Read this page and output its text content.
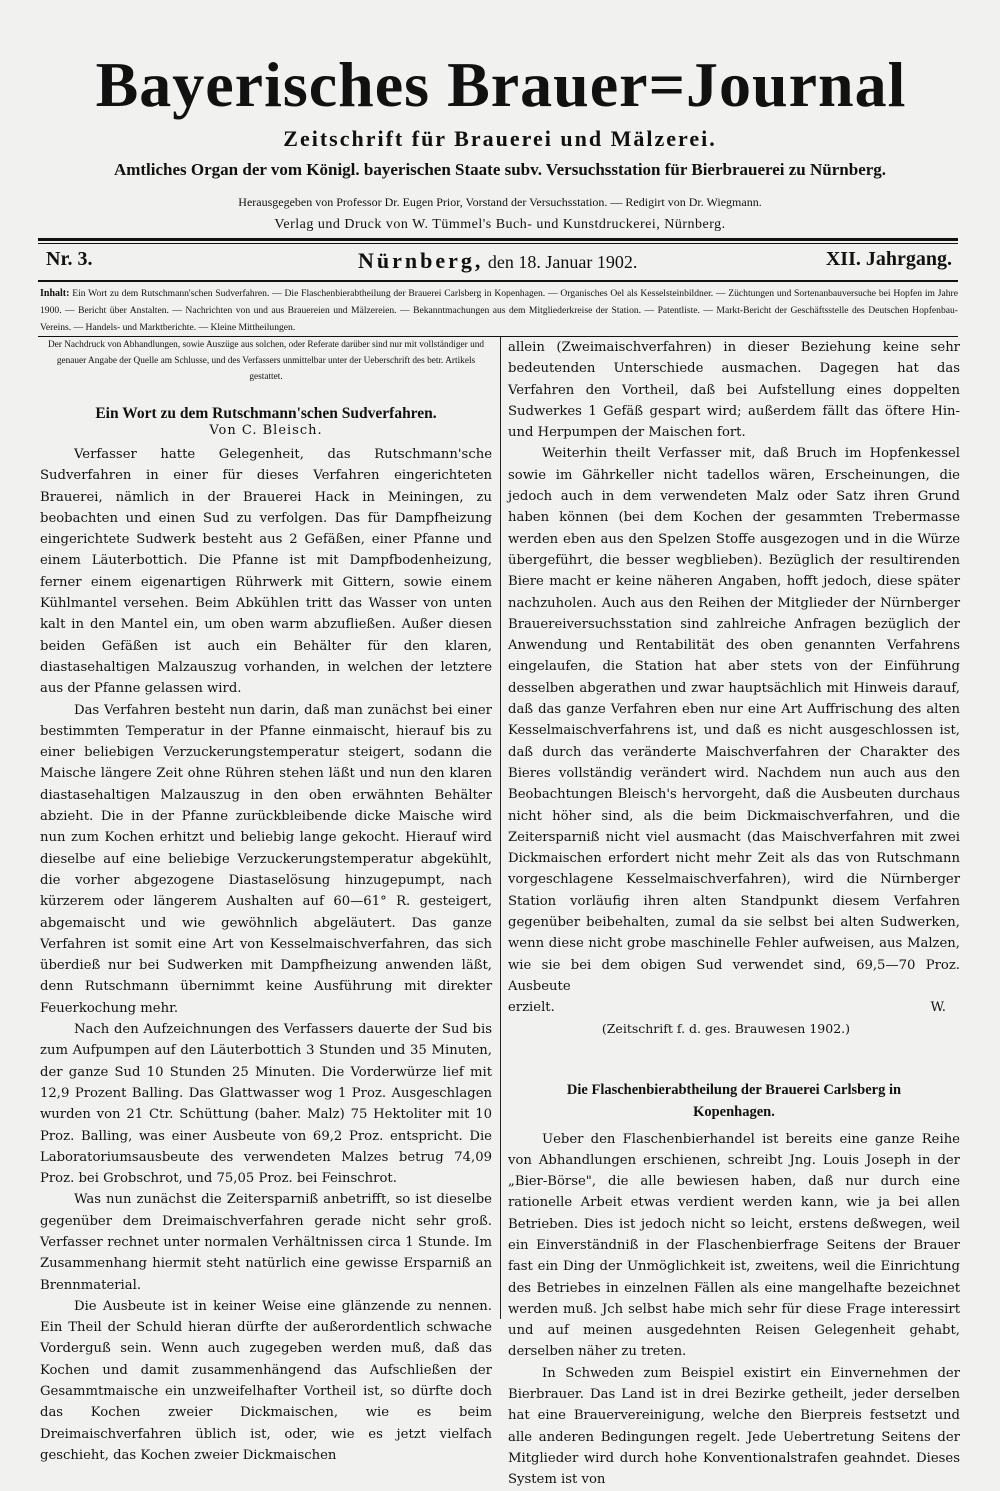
Bayerisches Brauer=Journal
Zeitschrift für Brauerei und Mälzerei.
Amtliches Organ der vom Königl. bayerischen Staate subv. Versuchsstation für Bierbrauerei zu Nürnberg.
Herausgegeben von Professor Dr. Eugen Prior, Vorstand der Versuchsstation. — Redigirt von Dr. Wiegmann.
Verlag und Druck von W. Tümmel's Buch- und Kunstdruckerei, Nürnberg.
Nr. 3.	Nürnberg, den 18. Januar 1902.	XII. Jahrgang.
Inhalt: Ein Wort zu dem Rutschmann'schen Sudverfahren. — Die Flaschenbierabtheilung der Brauerei Carlsberg in Kopenhagen. — Organisches Oel als Kesselsteinbildner. — Züchtungen und Sortenanbauversuche bei Hopfen im Jahre 1900. — Bericht über Anstalten. — Nachrichten von und aus Brauereien und Mälzereien. — Bekanntmachungen aus dem Mitgliederkreise der Station. — Patentliste. — Markt-Bericht der Geschäftsstelle des Deutschen Hopfenbau-Vereins. — Handels- und Marktberichte. — Kleine Mittheilungen.
Der Nachdruck von Abhandlungen, sowie Auszüge aus solchen, oder Referate darüber sind nur mit vollständiger und genauer Angabe der Quelle am Schlusse, und des Verfassers unmittelbar unter der Ueberschrift des betr. Artikels gestattet.
Ein Wort zu dem Rutschmann'schen Sudverfahren.
Von C. Bleisch.

Verfasser hatte Gelegenheit, das Rutschmann'sche Sudverfahren in einer für dieses Verfahren eingerichteten Brauerei, nämlich in der Brauerei Hack in Meiningen, zu beobachten und einen Sud zu verfolgen. Das für Dampfheizung eingerichtete Sudwerk besteht aus 2 Gefäßen, einer Pfanne und einem Läuterbottich. Die Pfanne ist mit Dampfbodenheizung, ferner einem eigenartigen Rührwerk mit Gittern, sowie einem Kühlmantel versehen. Beim Abkühlen tritt das Wasser von unten kalt in den Mantel ein, um oben warm abzufließen. Außer diesen beiden Gefäßen ist auch ein Behälter für den klaren, diastasehaltigen Malzauszug vorhanden, in welchen der letztere aus der Pfanne gelassen wird.

Das Verfahren besteht nun darin, daß man zunächst bei einer bestimmten Temperatur in der Pfanne einmaischt, hierauf bis zu einer beliebigen Verzuckerungstemperatur steigert, sodann die Maische längere Zeit ohne Rühren stehen läßt und nun den klaren diastasehaltigen Malzauszug in den oben erwähnten Behälter abzieht. Die in der Pfanne zurückbleibende dicke Maische wird nun zum Kochen erhitzt und beliebig lange gekocht. Hierauf wird dieselbe auf eine beliebige Verzuckerungstemperatur abgekühlt, die vorher abgezogene Diastaselösung hinzugepumpt, nach kürzerem oder längerem Aushalten auf 60—61° R. gesteigert, abgemaischt und wie gewöhnlich abgeläutert. Das ganze Verfahren ist somit eine Art von Kesselmaischverfahren, das sich überdieß nur bei Sudwerken mit Dampfheizung anwenden läßt, denn Rutschmann übernimmt keine Ausführung mit direkter Feuerkochung mehr.

Nach den Aufzeichnungen des Verfassers dauerte der Sud bis zum Aufpumpen auf den Läuterbottich 3 Stunden und 35 Minuten, der ganze Sud 10 Stunden 25 Minuten. Die Vorderwürze lief mit 12,9 Prozent Balling. Das Glattwasser wog 1 Proz. Ausgeschlagen wurden von 21 Ctr. Schüttung (baher. Malz) 75 Hektoliter mit 10 Proz. Balling, was einer Ausbeute von 69,2 Proz. entspricht. Die Laboratoriumsausbeute des verwendeten Malzes betrug 74,09 Proz. bei Grobschrot, und 75,05 Proz. bei Feinschrot.

Was nun zunächst die Zeitersparniß anbetrifft, so ist dieselbe gegenüber dem Dreimaischverfahren gerade nicht sehr groß. Verfasser rechnet unter normalen Verhältnissen circa 1 Stunde. Im Zusammenhang hiermit steht natürlich eine gewisse Ersparniß an Brennmaterial.

Die Ausbeute ist in keiner Weise eine glänzende zu nennen. Ein Theil der Schuld hieran dürfte der außerordentlich schwache Vorderguß sein. Wenn auch zugegeben werden muß, daß das Kochen und damit zusammenhängend das Aufschließen der Gesammtmaische ein unzweifelhafter Vortheil ist, so dürfte doch das Kochen zweier Dickmaischen, wie es beim Dreimaischverfahren üblich ist, oder, wie es jetzt vielfach geschieht, das Kochen zweier Dickmaischen

allein (Zweimaischverfahren) in dieser Beziehung keine sehr bedeutenden Unterschiede ausmachen. Dagegen hat das Verfahren den Vortheil, daß bei Aufstellung eines doppelten Sudwerkes 1 Gefäß gespart wird; außerdem fällt das öftere Hin- und Herpumpen der Maischen fort.

Weiterhin theilt Verfasser mit, daß Bruch im Hopfenkessel sowie im Gährkeller nicht tadellos wären, Erscheinungen, die jedoch auch in dem verwendeten Malz oder Satz ihren Grund haben können (bei dem Kochen der gesammten Trebermasse werden eben aus den Spelzen Stoffe ausgezogen und in die Würze übergeführt, die besser wegblieben). Bezüglich der resultirenden Biere macht er keine näheren Angaben, hofft jedoch, diese später nachzuholen. Auch aus den Reihen der Mitglieder der Nürnberger Brauereiversuchsstation sind zahlreiche Anfragen bezüglich der Anwendung und Rentabilität des oben genannten Verfahrens eingelaufen, die Station hat aber stets von der Einführung desselben abgerathen und zwar hauptsächlich mit Hinweis darauf, daß das ganze Verfahren eben nur eine Art Auffrischung des alten Kesselmaischverfahrens ist, und daß es nicht ausgeschlossen ist, daß durch das veränderte Maischverfahren der Charakter des Bieres vollständig verändert wird. Nachdem nun auch aus den Beobachtungen Bleisch's hervorgeht, daß die Ausbeuten durchaus nicht höher sind, als die beim Dickmaischverfahren, und die Zeitersparniß nicht viel ausmacht (das Maischverfahren mit zwei Dickmaischen erfordert nicht mehr Zeit als das von Rutschmann vorgeschlagene Kesselmaischverfahren), wird die Nürnberger Station vorläufig ihren alten Standpunkt diesem Verfahren gegenüber beibehalten, zumal da sie selbst bei alten Sudwerken, wenn diese nicht grobe maschinelle Fehler aufweisen, aus Malzen, wie sie bei dem obigen Sud verwendet sind, 69,5—70 Proz. Ausbeute

erzielt.	W.
(Zeitschrift f. d. ges. Brauwesen 1902.)
Die Flaschenbierabtheilung der Brauerei Carlsberg in Kopenhagen.

Ueber den Flaschenbierhandel ist bereits eine ganze Reihe von Abhandlungen erschienen, schreibt Jng. Louis Joseph in der „Bier-Börse", die alle bewiesen haben, daß nur durch eine rationelle Arbeit etwas verdient werden kann, wie ja bei allen Betrieben. Dies ist jedoch nicht so leicht, erstens deßwegen, weil ein Einverständniß in der Flaschenbierfrage Seitens der Brauer fast ein Ding der Unmöglichkeit ist, zweitens, weil die Einrichtung des Betriebes in einzelnen Fällen als eine mangelhafte bezeichnet werden muß. Jch selbst habe mich sehr für diese Frage interessirt und auf meinen ausgedehnten Reisen Gelegenheit gehabt, derselben näher zu treten.

In Schweden zum Beispiel existirt ein Einvernehmen der Bierbrauer. Das Land ist in drei Bezirke getheilt, jeder derselben hat eine Brauervereinigung, welche den Bierpreis festsetzt und alle anderen Bedingungen regelt. Jede Uebertretung Seitens der Mitglieder wird durch hohe Konventionalstrafen geahndet. Dieses System ist von
